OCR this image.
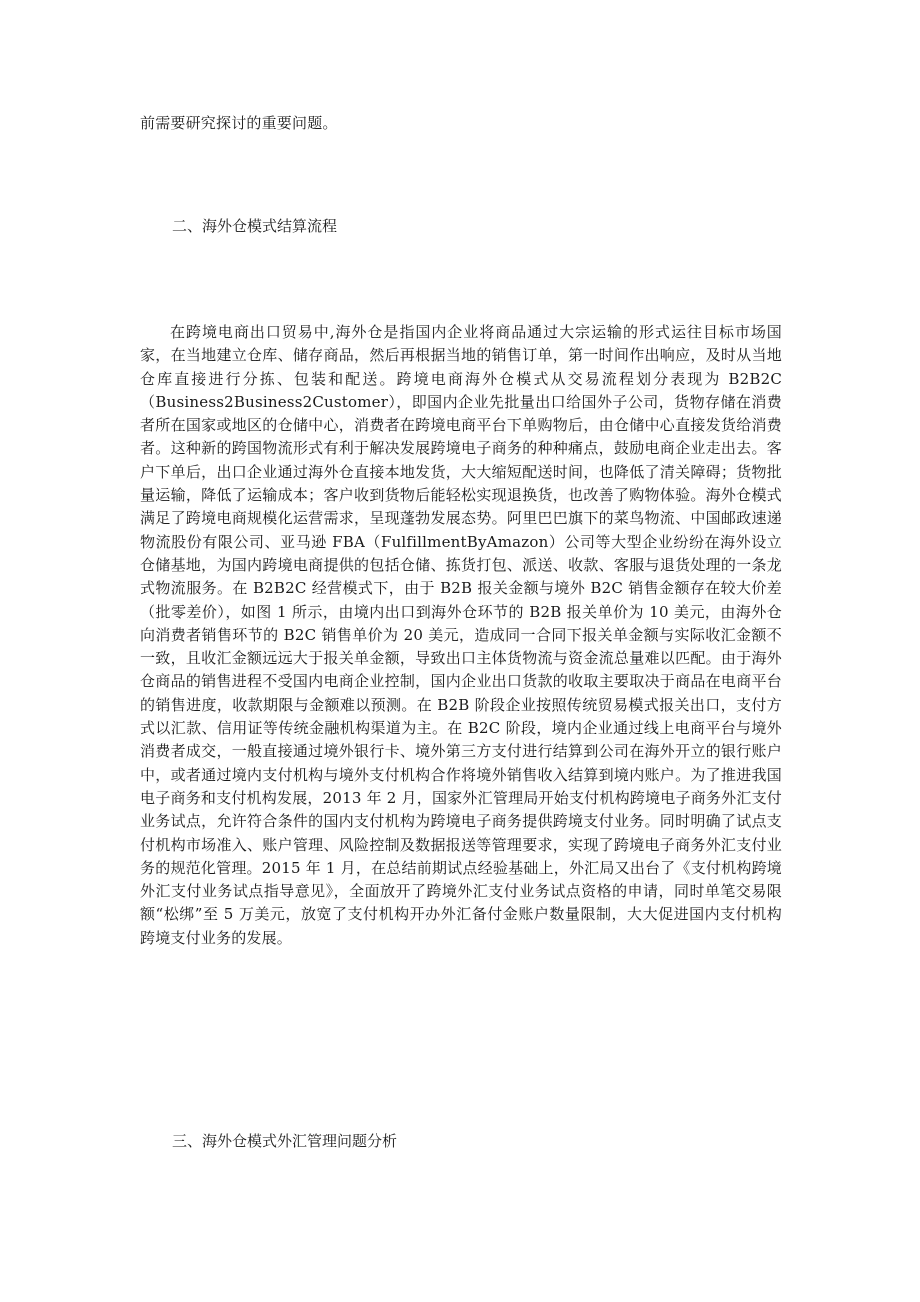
前需要研究探讨的重要问题。

二、海外仓模式结算流程

在跨境电商出口贸易中,海外仓是指国内企业将商品通过大宗运输的形式运往目标市场国家，在当地建立仓库、储存商品，然后再根据当地的销售订单，第一时间作出响应，及时从当地仓库直接进行分拣、包装和配送。跨境电商海外仓模式从交易流程划分表现为 B2B2C（Business2Business2Customer），即国内企业先批量出口给国外子公司，货物存储在消费者所在国家或地区的仓储中心，消费者在跨境电商平台下单购物后，由仓储中心直接发货给消费者。这种新的跨国物流形式有利于解决发展跨境电子商务的种种痛点，鼓励电商企业走出去。客户下单后，出口企业通过海外仓直接本地发货，大大缩短配送时间，也降低了清关障碍；货物批量运输，降低了运输成本；客户收到货物后能轻松实现退换货，也改善了购物体验。海外仓模式满足了跨境电商规模化运营需求，呈现蓬勃发展态势。阿里巴巴旗下的菜鸟物流、中国邮政速递物流股份有限公司、亚马逊 FBA（FulfillmentByAmazon）公司等大型企业纷纷在海外设立仓储基地，为国内跨境电商提供的包括仓储、拣货打包、派送、收款、客服与退货处理的一条龙式物流服务。在 B2B2C 经营模式下，由于 B2B 报关金额与境外 B2C 销售金额存在较大价差（批零差价），如图 1 所示，由境内出口到海外仓环节的 B2B 报关单价为 10 美元，由海外仓向消费者销售环节的 B2C 销售单价为 20 美元，造成同一合同下报关单金额与实际收汇金额不一致，且收汇金额远远大于报关单金额，导致出口主体货物流与资金流总量难以匹配。由于海外仓商品的销售进程不受国内电商企业控制，国内企业出口货款的收取主要取决于商品在电商平台的销售进度，收款期限与金额难以预测。在 B2B 阶段企业按照传统贸易模式报关出口，支付方式以汇款、信用证等传统金融机构渠道为主。在 B2C 阶段，境内企业通过线上电商平台与境外消费者成交，一般直接通过境外银行卡、境外第三方支付进行结算到公司在海外开立的银行账户中，或者通过境内支付机构与境外支付机构合作将境外销售收入结算到境内账户。为了推进我国电子商务和支付机构发展，2013 年 2 月，国家外汇管理局开始支付机构跨境电子商务外汇支付业务试点，允许符合条件的国内支付机构为跨境电子商务提供跨境支付业务。同时明确了试点支付机构市场准入、账户管理、风险控制及数据报送等管理要求，实现了跨境电子商务外汇支付业务的规范化管理。2015 年 1 月，在总结前期试点经验基础上，外汇局又出台了《支付机构跨境外汇支付业务试点指导意见》，全面放开了跨境外汇支付业务试点资格的申请，同时单笔交易限额“松绑”至 5 万美元，放宽了支付机构开办外汇备付金账户数量限制，大大促进国内支付机构跨境支付业务的发展。

三、海外仓模式外汇管理问题分析
